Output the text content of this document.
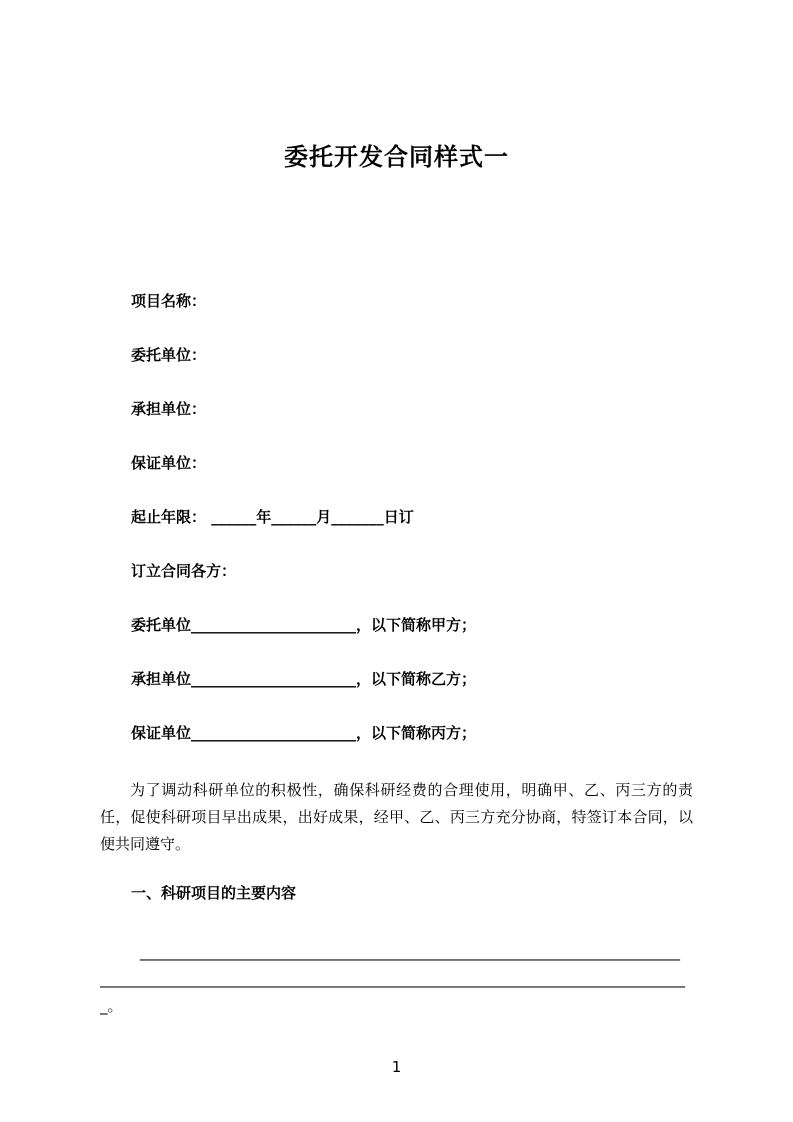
委托开发合同样式一
项目名称：
委托单位：
承担单位：
保证单位：
起止年限： ______年______月_______日订
订立合同各方：
委托单位______________________，以下简称甲方；
承担单位______________________，以下简称乙方；
保证单位______________________，以下简称丙方；

为了调动科研单位的积极性，确保科研经费的合理使用，明确甲、乙、丙三方的责任，促使科研项目早出成果，出好成果，经甲、乙、丙三方充分协商，特签订本合同，以便共同遵守。

一、科研项目的主要内容
________________________________________________________________________
______________________________________________________________________________
_。
1
